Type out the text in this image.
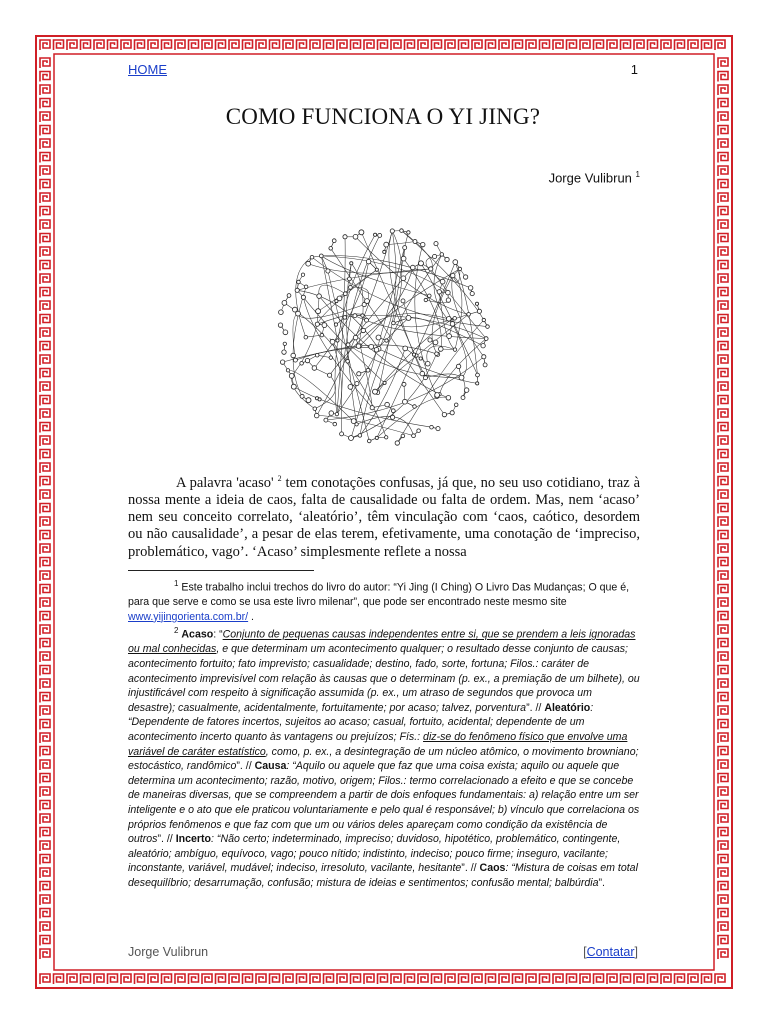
HOME	1
COMO FUNCIONA O YI JING?
Jorge Vulibrun $^1$
A palavra 'acaso' $^2$ tem conotações confusas, já que, no seu uso cotidiano, traz à nossa mente a ideia de caos, falta de causalidade ou falta de ordem. Mas, nem ‘acaso’ nem seu conceito correlato, ‘aleatório’, têm vinculação com ‘caos, caótico, desordem ou não causalidade’, a pesar de elas terem, efetivamente, uma conotação de ‘impreciso, problemático, vago’. ‘Acaso’ simplesmente reflete a nossa

$^1$ Este trabalho inclui trechos do livro do autor: “Yi Jing (I Ching) O Livro Das Mudanças; O que é, para que serve e como se usa este livro milenar”, que pode ser encontrado neste mesmo site www.yijingorienta.com.br/ .

$^2$ Acaso: “Conjunto de pequenas causas independentes entre si, que se prendem a leis ignoradas ou mal conhecidas, e que determinam um acontecimento qualquer; o resultado desse conjunto de causas; acontecimento fortuito; fato imprevisto; casualidade; destino, fado, sorte, fortuna; Filos.: caráter de acontecimento imprevisível com relação às causas que o determinam (p. ex., a premiação de um bilhete), ou injustificável com respeito à significação assumida (p. ex., um atraso de segundos que provoca um desastre); casualmente, acidentalmente, fortuitamente; por acaso; talvez, porventura”. // Aleatório: “Dependente de fatores incertos, sujeitos ao acaso; casual, fortuito, acidental; dependente de um acontecimento incerto quanto às vantagens ou prejuízos; Fís.: diz-se do fenômeno físico que envolve uma variável de caráter estatístico, como, p. ex., a desintegração de um núcleo atômico, o movimento browniano; estocástico, randômico”. // Causa: “Aquilo ou aquele que faz que uma coisa exista; aquilo ou aquele que determina um acontecimento; razão, motivo, origem; Filos.: termo correlacionado a efeito e que se concebe de maneiras diversas, que se compreendem a partir de dois enfoques fundamentais: a) relação entre um ser inteligente e o ato que ele praticou voluntariamente e pelo qual é responsável; b) vínculo que correlaciona os próprios fenômenos e que faz com que um ou vários deles apareçam como condição da existência de outros”. // Incerto: “Não certo; indeterminado, impreciso; duvidoso, hipotético, problemático, contingente, aleatório; ambíguo, equívoco, vago; pouco nítido; indistinto, indeciso; pouco firme; inseguro, vacilante; inconstante, variável, mudável; indeciso, irresoluto, vacilante, hesitante”. // Caos: “Mistura de coisas em total desequilíbrio; desarrumação, confusão; mistura de ideias e sentimentos; confusão mental; balbúrdia”.

Jorge Vulibrun	[Contatar]
